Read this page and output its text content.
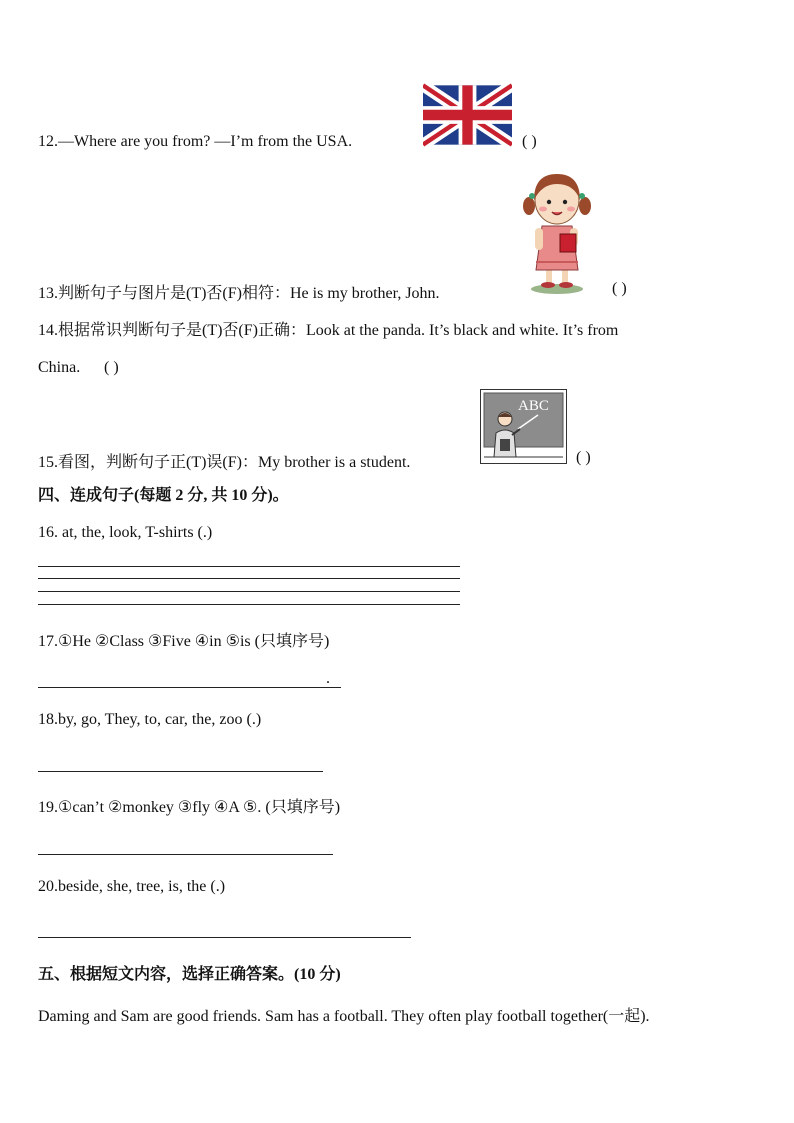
12.—Where are you from? —I’m from the USA.	( )
13.判断句子与图片是(T)否(F)相符：He is my brother, John.	( )
14.根据常识判断句子是(T)否(F)正确：Look at the panda. It’s black and white. It’s from
China. ( )
15.看图，判断句子正(T)误(F)：My brother is a student.
ABC
( )
四、连成句子(每题 2 分, 共 10 分)。
16. at, the, look, T-shirts (.)
17.①He ②Class ③Five ④in ⑤is (只填序号)
.
18.by, go, They, to, car, the, zoo (.)
19.①can’t ②monkey ③fly ④A ⑤. (只填序号)
20.beside, she, tree, is, the (.)
五、根据短文内容，选择正确答案。(10 分)
Daming and Sam are good friends. Sam has a football. They often play football together(一起).
